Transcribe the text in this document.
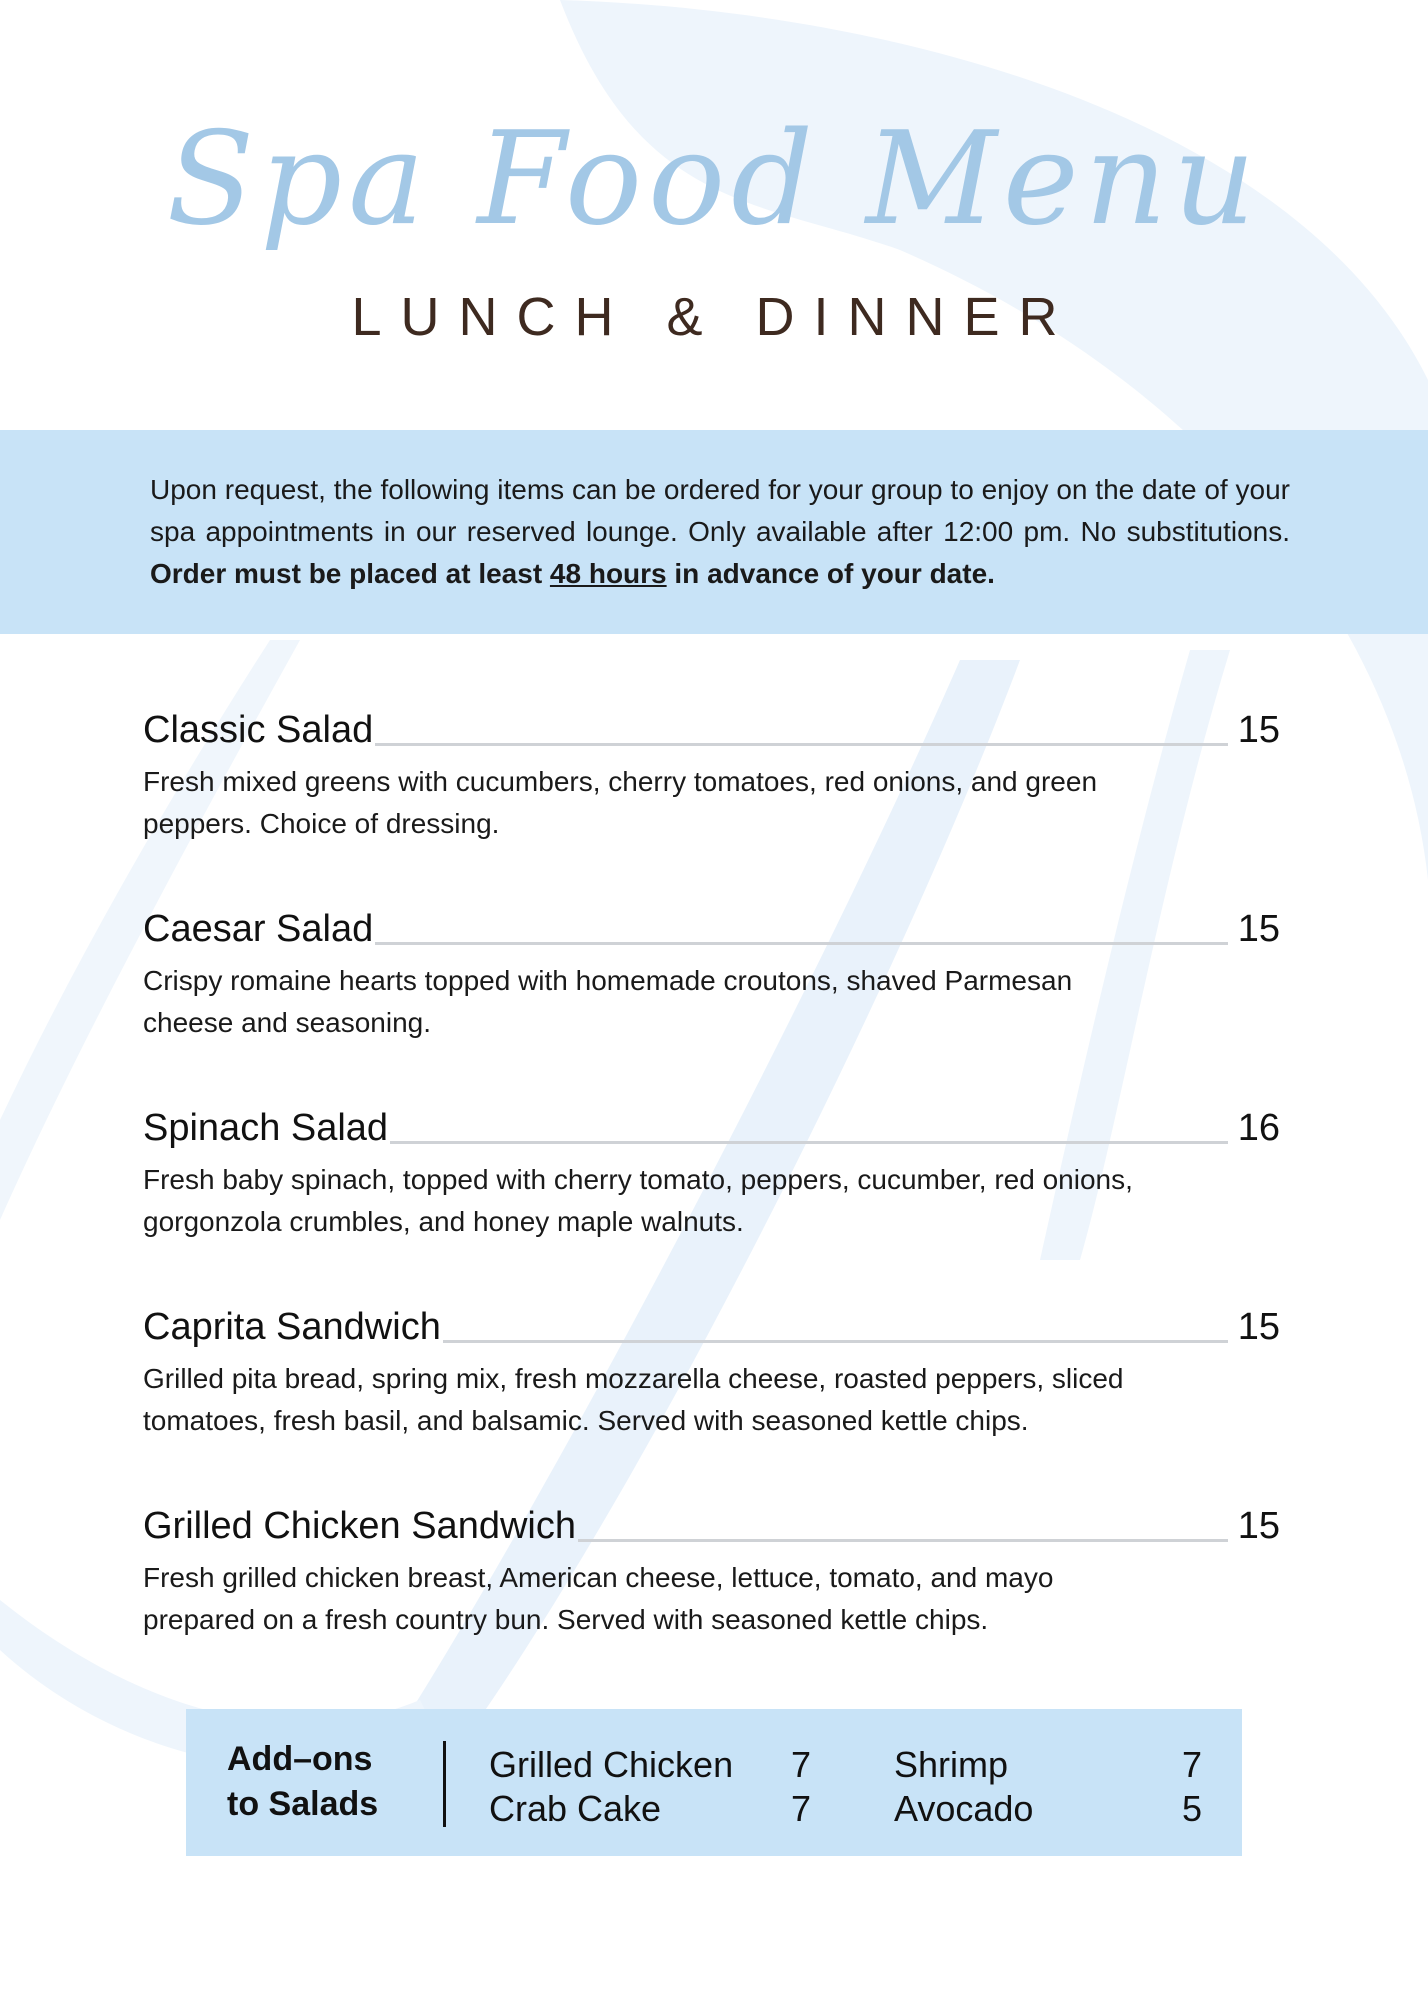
Spa Food Menu
LUNCH & DINNER
Upon request, the following items can be ordered for your group to enjoy on the date of your spa appointments in our reserved lounge. Only available after 12:00 pm. No substitutions. Order must be placed at least 48 hours in advance of your date.
Classic Salad	15
Fresh mixed greens with cucumbers, cherry tomatoes, red onions, and green peppers. Choice of dressing.
Caesar Salad	15
Crispy romaine hearts topped with homemade croutons, shaved Parmesan cheese and seasoning.
Spinach Salad	16
Fresh baby spinach, topped with cherry tomato, peppers, cucumber, red onions, gorgonzola crumbles, and honey maple walnuts.
Caprita Sandwich	15
Grilled pita bread, spring mix, fresh mozzarella cheese, roasted peppers, sliced tomatoes, fresh basil, and balsamic. Served with seasoned kettle chips.
Grilled Chicken Sandwich	15
Fresh grilled chicken breast, American cheese, lettuce, tomato, and mayo prepared on a fresh country bun. Served with seasoned kettle chips.
Add–ons
to Salads
Grilled Chicken	7
Crab Cake	7
Shrimp	7
Avocado	5
